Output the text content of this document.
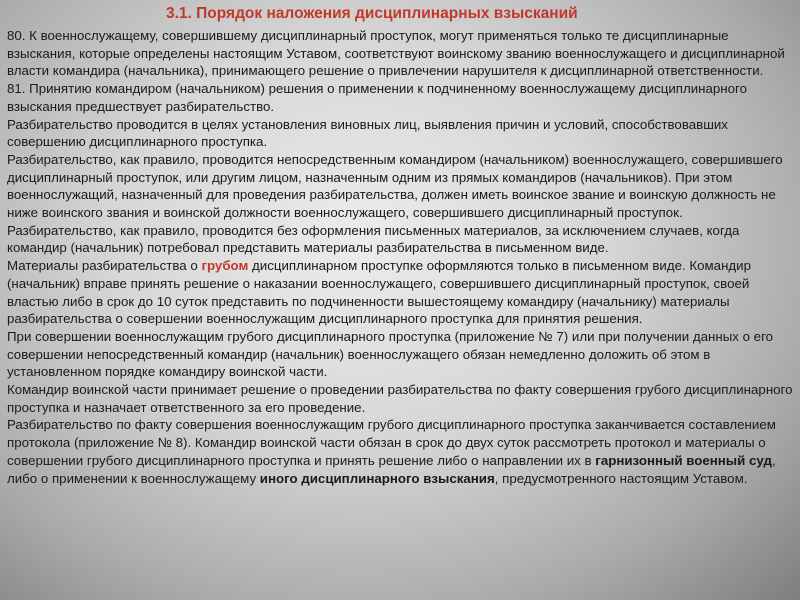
3.1. Порядок наложения дисциплинарных взысканий

80. К военнослужащему, совершившему дисциплинарный проступок, могут применяться только те дисциплинарные взыскания, которые определены настоящим Уставом, соответствуют воинскому званию военнослужащего и дисциплинарной власти командира (начальника), принимающего решение о привлечении нарушителя к дисциплинарной ответственности.

81. Принятию командиром (начальником) решения о применении к подчиненному военнослужащему дисциплинарного взыскания предшествует разбирательство.

Разбирательство проводится в целях установления виновных лиц, выявления причин и условий, способствовавших совершению дисциплинарного проступка.

Разбирательство, как правило, проводится непосредственным командиром (начальником) военнослужащего, совершившего дисциплинарный проступок, или другим лицом, назначенным одним из прямых командиров (начальников). При этом военнослужащий, назначенный для проведения разбирательства, должен иметь воинское звание и воинскую должность не ниже воинского звания и воинской должности военнослужащего, совершившего дисциплинарный проступок. Разбирательство, как правило, проводится без оформления письменных материалов, за исключением случаев, когда командир (начальник) потребовал представить материалы разбирательства в письменном виде.

Материалы разбирательства о грубом дисциплинарном проступке оформляются только в письменном виде. Командир (начальник) вправе принять решение о наказании военнослужащего, совершившего дисциплинарный проступок, своей властью либо в срок до 10 суток представить по подчиненности вышестоящему командиру (начальнику) материалы разбирательства о совершении военнослужащим дисциплинарного проступка для принятия решения.

При совершении военнослужащим грубого дисциплинарного проступка (приложение № 7) или при получении данных о его совершении непосредственный командир (начальник) военнослужащего обязан немедленно доложить об этом в установленном порядке командиру воинской части.

Командир воинской части принимает решение о проведении разбирательства по факту совершения грубого дисциплинарного проступка и назначает ответственного за его проведение.

Разбирательство по факту совершения военнослужащим грубого дисциплинарного проступка заканчивается составлением протокола (приложение № 8). Командир воинской части обязан в срок до двух суток рассмотреть протокол и материалы о совершении грубого дисциплинарного проступка и принять решение либо о направлении их в гарнизонный военный суд, либо о применении к военнослужащему иного дисциплинарного взыскания, предусмотренного настоящим Уставом.
